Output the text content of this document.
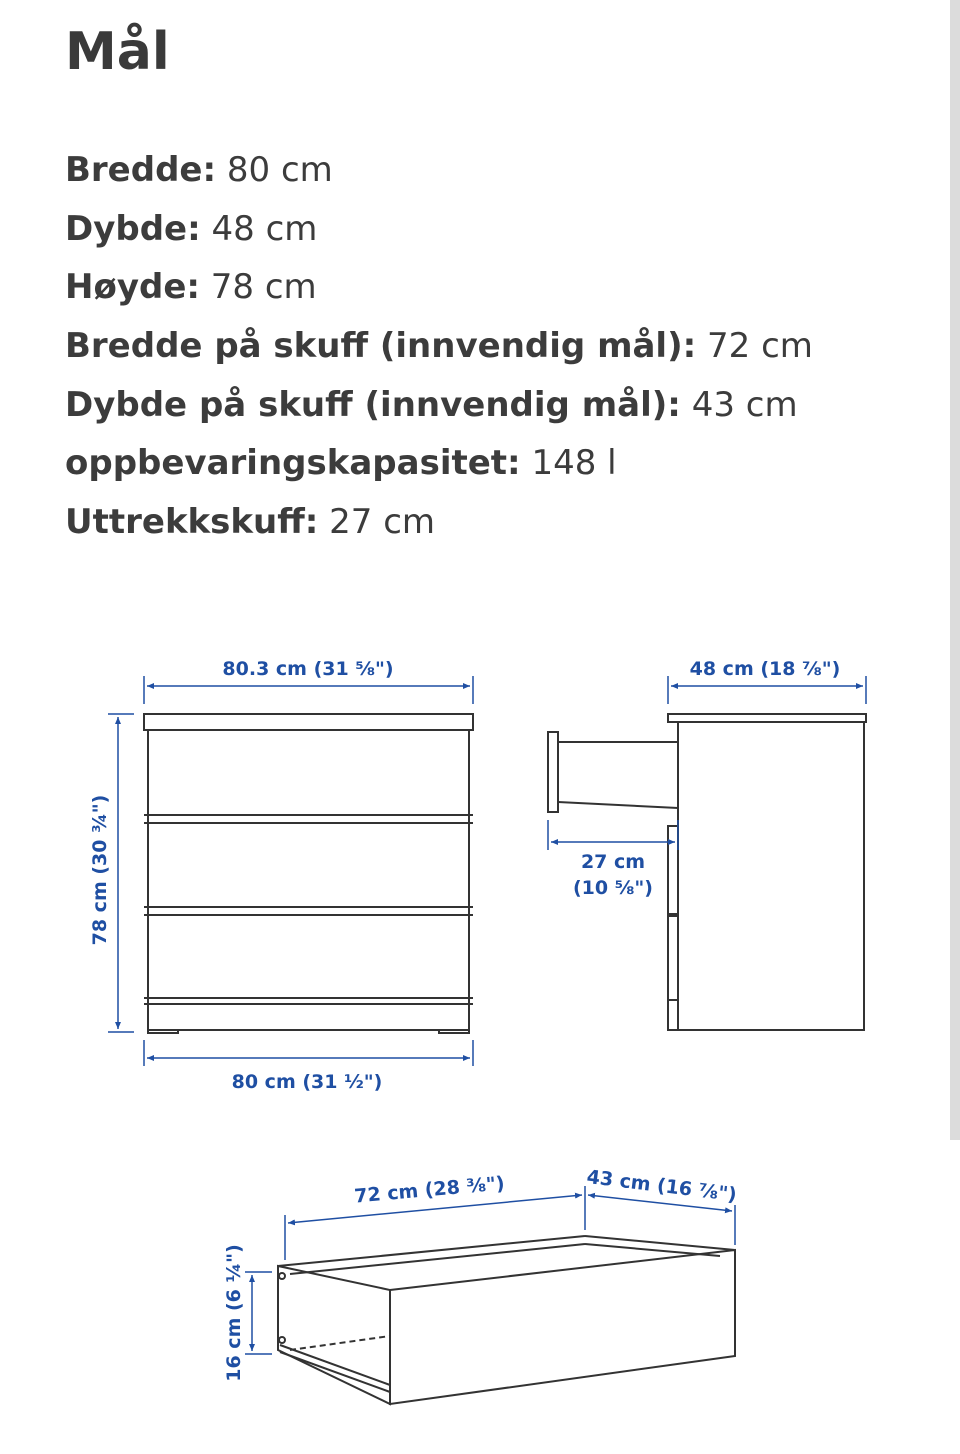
Mål
Bredde: 80 cm
Dybde: 48 cm
Høyde: 78 cm
Bredde på skuff (innvendig mål): 72 cm
Dybde på skuff (innvendig mål): 43 cm
oppbevaringskapasitet: 148 l
Uttrekkskuff: 27 cm
80.3 cm (31 ⅝")
78 cm (30 ¾")
80 cm (31 ½")
48 cm (18 ⅞")
27 cm
(10 ⅝")
72 cm (28 ⅜")	43 cm (16 ⅞")
16 cm (6 ¼")
